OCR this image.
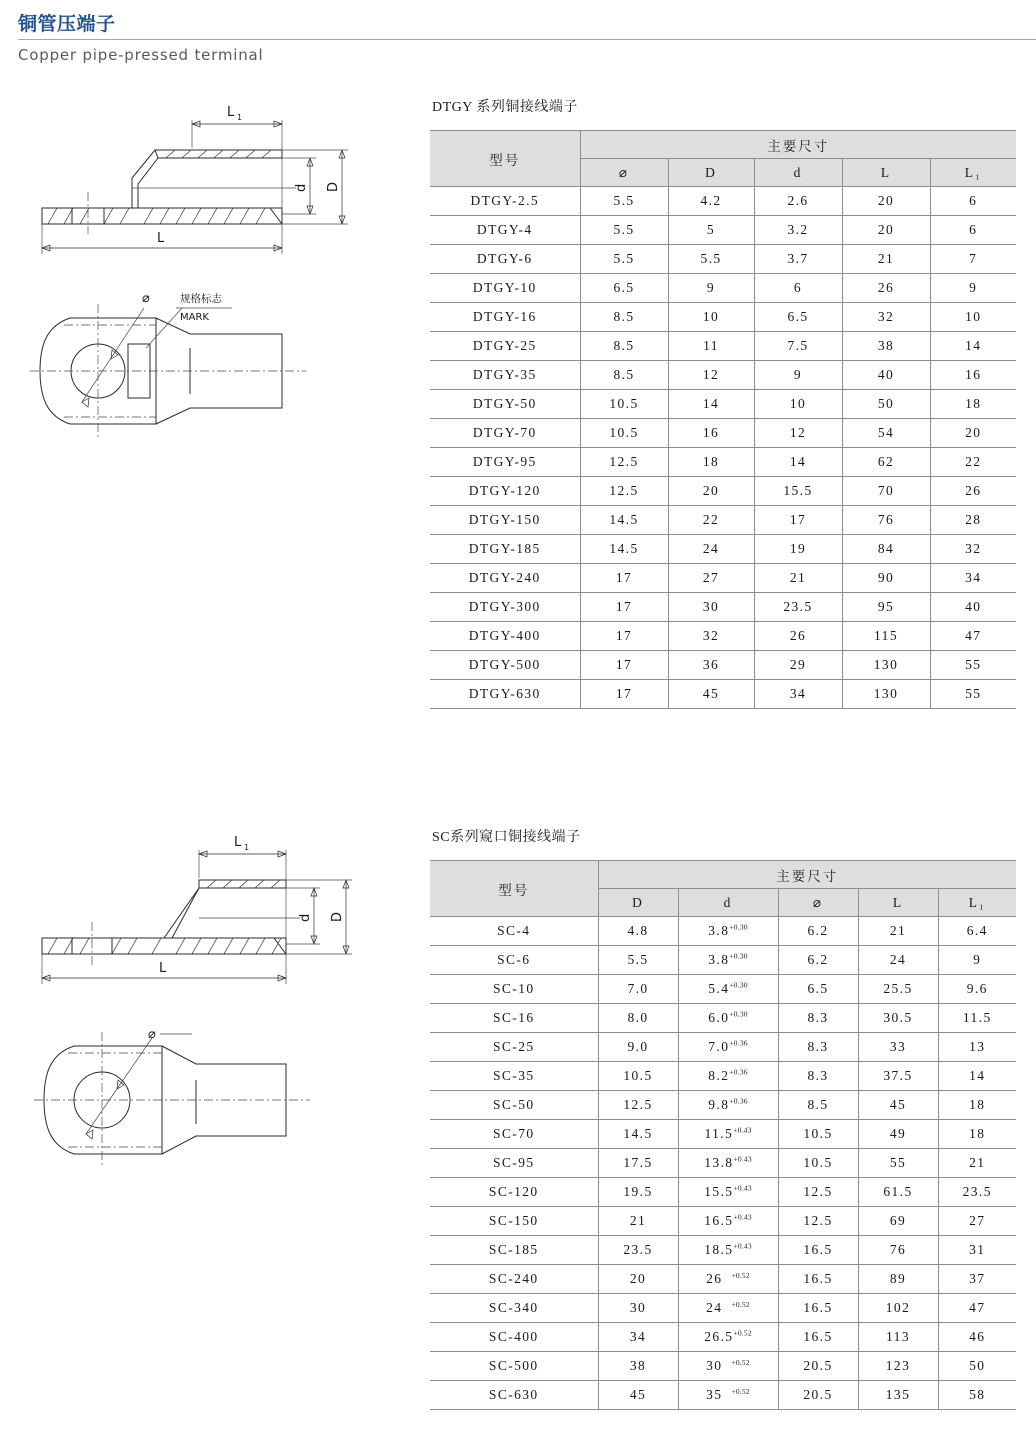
铜管压端子
Copper pipe-pressed terminal
L 1
d D
L
⌀	规格标志
MARK
DTGY 系列铜接线端子
型号	主要尺寸				
	⌀	D	d	L	L₁
DTGY-2.5	5.5	4.2	2.6	20	6
DTGY-4	5.5	5	3.2	20	6
DTGY-6	5.5	5.5	3.7	21	7
DTGY-10	6.5	9	6	26	9
DTGY-16	8.5	10	6.5	32	10
DTGY-25	8.5	11	7.5	38	14
DTGY-35	8.5	12	9	40	16
DTGY-50	10.5	14	10	50	18
DTGY-70	10.5	16	12	54	20
DTGY-95	12.5	18	14	62	22
DTGY-120	12.5	20	15.5	70	26
DTGY-150	14.5	22	17	76	28
DTGY-185	14.5	24	19	84	32
DTGY-240	17	27	21	90	34
DTGY-300	17	30	23.5	95	40
DTGY-400	17	32	26	115	47
DTGY-500	17	36	29	130	55
DTGY-630	17	45	34	130	55
L 1
d D
L
⌀
SC系列窥口铜接线端子
型号	主要尺寸				
	D	d	⌀	L	L₁
SC-4	4.8	$3.8^{+0.30}$	6.2	21	6.4
SC-6	5.5	$3.8^{+0.30}$	6.2	24	9
SC-10	7.0	$5.4^{+0.30}$	6.5	25.5	9.6
SC-16	8.0	$6.0^{+0.30}$	8.3	30.5	11.5
SC-25	9.0	$7.0^{+0.36}$	8.3	33	13
SC-35	10.5	$8.2^{+0.36}$	8.3	37.5	14
SC-50	12.5	$9.8^{+0.36}$	8.5	45	18
SC-70	14.5	$11.5^{+0.43}$	10.5	49	18
SC-95	17.5	$13.8^{+0.43}$	10.5	55	21
SC-120	19.5	$15.5^{+0.43}$	12.5	61.5	23.5
SC-150	21	$16.5^{+0.43}$	12.5	69	27
SC-185	23.5	$18.5^{+0.43}$	16.5	76	31
SC-240	20	26 $^{+0.52}$	16.5	89	37
SC-340	30	24 $^{+0.52}$	16.5	102	47
SC-400	34	$26.5^{+0.52}$	16.5	113	46
SC-500	38	30 $^{+0.52}$	20.5	123	50
SC-630	45	35 $^{+0.52}$	20.5	135	58
